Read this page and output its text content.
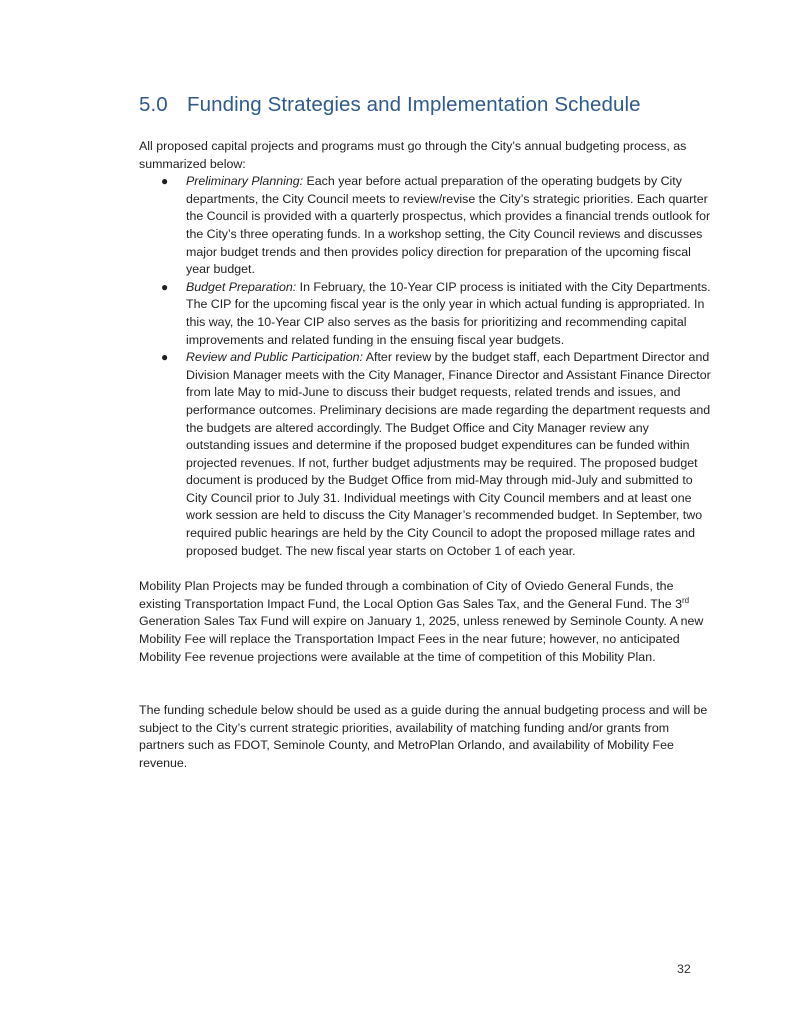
5.0 Funding Strategies and Implementation Schedule

All proposed capital projects and programs must go through the City’s annual budgeting process, as summarized below:

● Preliminary Planning: Each year before actual preparation of the operating budgets by City departments, the City Council meets to review/revise the City’s strategic priorities. Each quarter the Council is provided with a quarterly prospectus, which provides a financial trends outlook for the City’s three operating funds. In a workshop setting, the City Council reviews and discusses major budget trends and then provides policy direction for preparation of the upcoming fiscal year budget.
● Budget Preparation: In February, the 10-Year CIP process is initiated with the City Departments. The CIP for the upcoming fiscal year is the only year in which actual funding is appropriated. In this way, the 10-Year CIP also serves as the basis for prioritizing and recommending capital improvements and related funding in the ensuing fiscal year budgets.
● Review and Public Participation: After review by the budget staff, each Department Director and Division Manager meets with the City Manager, Finance Director and Assistant Finance Director from late May to mid-June to discuss their budget requests, related trends and issues, and performance outcomes. Preliminary decisions are made regarding the department requests and the budgets are altered accordingly. The Budget Office and City Manager review any outstanding issues and determine if the proposed budget expenditures can be funded within projected revenues. If not, further budget adjustments may be required. The proposed budget document is produced by the Budget Office from mid-May through mid-July and submitted to City Council prior to July 31. Individual meetings with City Council members and at least one work session are held to discuss the City Manager’s recommended budget. In September, two required public hearings are held by the City Council to adopt the proposed millage rates and proposed budget. The new fiscal year starts on October 1 of each year.

Mobility Plan Projects may be funded through a combination of City of Oviedo General Funds, the existing Transportation Impact Fund, the Local Option Gas Sales Tax, and the General Fund. The 3rd Generation Sales Tax Fund will expire on January 1, 2025, unless renewed by Seminole County. A new Mobility Fee will replace the Transportation Impact Fees in the near future; however, no anticipated Mobility Fee revenue projections were available at the time of competition of this Mobility Plan.

The funding schedule below should be used as a guide during the annual budgeting process and will be subject to the City’s current strategic priorities, availability of matching funding and/or grants from partners such as FDOT, Seminole County, and MetroPlan Orlando, and availability of Mobility Fee revenue.

32
